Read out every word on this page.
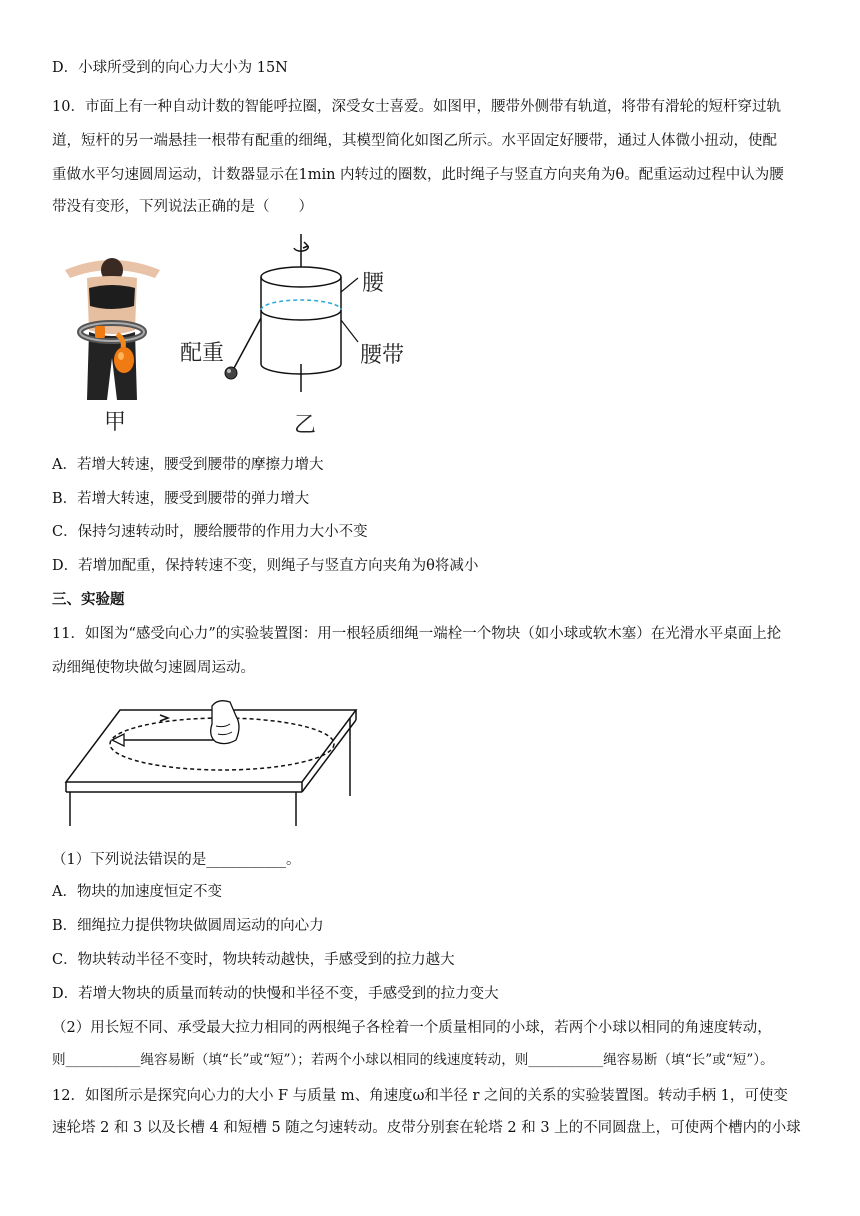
D．小球所受到的向心力大小为 15N
10．市面上有一种自动计数的智能呼拉圈，深受女士喜爱。如图甲，腰带外侧带有轨道，将带有滑轮的短杆穿过轨
道，短杆的另一端悬挂一根带有配重的细绳，其模型简化如图乙所示。水平固定好腰带，通过人体微小扭动，使配
重做水平匀速圆周运动，计数器显示在1min 内转过的圈数，此时绳子与竖直方向夹角为θ。配重运动过程中认为腰
带没有变形，下列说法正确的是（　　）
甲
腰
腰带
配重
乙
A．若增大转速，腰受到腰带的摩擦力增大
B．若增大转速，腰受到腰带的弹力增大
C．保持匀速转动时，腰给腰带的作用力大小不变
D．若增加配重，保持转速不变，则绳子与竖直方向夹角为θ将减小
三、实验题
11．如图为“感受向心力”的实验装置图：用一根轻质细绳一端栓一个物块（如小球或软木塞）在光滑水平桌面上抡
动细绳使物块做匀速圆周运动。
（1）下列说法错误的是___________。
A．物块的加速度恒定不变
B．细绳拉力提供物块做圆周运动的向心力
C．物块转动半径不变时，物块转动越快，手感受到的拉力越大
D．若增大物块的质量而转动的快慢和半径不变，手感受到的拉力变大
（2）用长短不同、承受最大拉力相同的两根绳子各栓着一个质量相同的小球，若两个小球以相同的角速度转动，
则___________绳容易断（填“长”或“短”）；若两个小球以相同的线速度转动，则___________绳容易断（填“长”或“短”）。
12．如图所示是探究向心力的大小 F 与质量 m、角速度ω和半径 r 之间的关系的实验装置图。转动手柄 1，可使变
速轮塔 2 和 3 以及长槽 4 和短槽 5 随之匀速转动。皮带分别套在轮塔 2 和 3 上的不同圆盘上，可使两个槽内的小球
